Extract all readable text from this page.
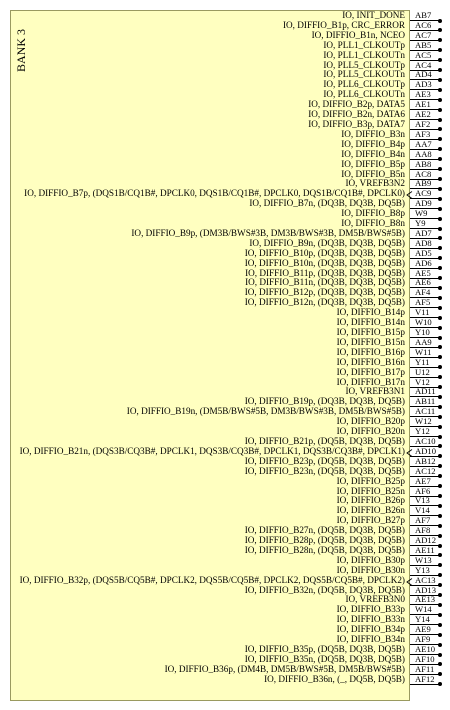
BANK 3
IO, INIT_DONE AB7
IO, DIFFIO_B1p, CRC_ERROR AC6
IO, DIFFIO_B1n, NCEO AC7
IO, PLL1_CLKOUTp AB5
IO, PLL1_CLKOUTn AC5
IO, PLL5_CLKOUTp AC4
IO, PLL5_CLKOUTn AD4
IO, PLL6_CLKOUTp AD3
IO, PLL6_CLKOUTn AE3
IO, DIFFIO_B2p, DATA5 AE1
IO, DIFFIO_B2n, DATA6 AE2
IO, DIFFIO_B3p, DATA7 AF2
IO, DIFFIO_B3n AF3
IO, DIFFIO_B4p AA7
IO, DIFFIO_B4n AA8
IO, DIFFIO_B5p AB8
IO, DIFFIO_B5n AC8
IO, VREFB3N2 AB9
IO, DIFFIO_B7p, (DQS1B/CQ1B#, DPCLK0, DQS1B/CQ1B#, DPCLK0, DQS1B/CQ1B#, DPCLK0) AC9
IO, DIFFIO_B7n, (DQ3B, DQ3B, DQ5B) AD9
IO, DIFFIO_B8p W9
IO, DIFFIO_B8n Y9
IO, DIFFIO_B9p, (DM3B/BWS#3B, DM3B/BWS#3B, DM5B/BWS#5B) AD7
IO, DIFFIO_B9n, (DQ3B, DQ3B, DQ5B) AD8
IO, DIFFIO_B10p, (DQ3B, DQ3B, DQ5B) AD5
IO, DIFFIO_B10n, (DQ3B, DQ3B, DQ5B) AD6
IO, DIFFIO_B11p, (DQ3B, DQ3B, DQ5B) AE5
IO, DIFFIO_B11n, (DQ3B, DQ3B, DQ5B) AE6
IO, DIFFIO_B12p, (DQ3B, DQ3B, DQ5B) AF4
IO, DIFFIO_B12n, (DQ3B, DQ3B, DQ5B) AF5
IO, DIFFIO_B14p V11
IO, DIFFIO_B14n W10
IO, DIFFIO_B15p Y10
IO, DIFFIO_B15n AA9
IO, DIFFIO_B16p W11
IO, DIFFIO_B16n Y11
IO, DIFFIO_B17p U12
IO, DIFFIO_B17n V12
IO, VREFB3N1 AD11
IO, DIFFIO_B19p, (DQ3B, DQ3B, DQ5B) AB11
IO, DIFFIO_B19n, (DM5B/BWS#5B, DM3B/BWS#3B, DM5B/BWS#5B) AC11
IO, DIFFIO_B20p W12
IO, DIFFIO_B20n Y12
IO, DIFFIO_B21p, (DQ5B, DQ3B, DQ5B) AC10
IO, DIFFIO_B21n, (DQS3B/CQ3B#, DPCLK1, DQS3B/CQ3B#, DPCLK1, DQS3B/CQ3B#, DPCLK1) AD10
IO, DIFFIO_B23p, (DQ5B, DQ3B, DQ5B) AB12
IO, DIFFIO_B23n, (DQ5B, DQ3B, DQ5B) AC12
IO, DIFFIO_B25p AE7
IO, DIFFIO_B25n AF6
IO, DIFFIO_B26p V13
IO, DIFFIO_B26n V14
IO, DIFFIO_B27p AF7
IO, DIFFIO_B27n, (DQ5B, DQ3B, DQ5B) AF8
IO, DIFFIO_B28p, (DQ5B, DQ3B, DQ5B) AD12
IO, DIFFIO_B28n, (DQ5B, DQ3B, DQ5B) AE11
IO, DIFFIO_B30p W13
IO, DIFFIO_B30n Y13
IO, DIFFIO_B32p, (DQS5B/CQ5B#, DPCLK2, DQS5B/CQ5B#, DPCLK2, DQS5B/CQ5B#, DPCLK2) AC13
IO, DIFFIO_B32n, (DQ5B, DQ3B, DQ5B) AD13
IO, VREFB3N0 AE13
IO, DIFFIO_B33p W14
IO, DIFFIO_B33n Y14
IO, DIFFIO_B34p AE9
IO, DIFFIO_B34n AF9
IO, DIFFIO_B35p, (DQ5B, DQ3B, DQ5B) AE10
IO, DIFFIO_B35n, (DQ5B, DQ3B, DQ5B) AF10
IO, DIFFIO_B36p, (DM4B, DM5B/BWS#5B, DM5B/BWS#5B) AF11
IO, DIFFIO_B36n, (_, DQ5B, DQ5B) AF12
